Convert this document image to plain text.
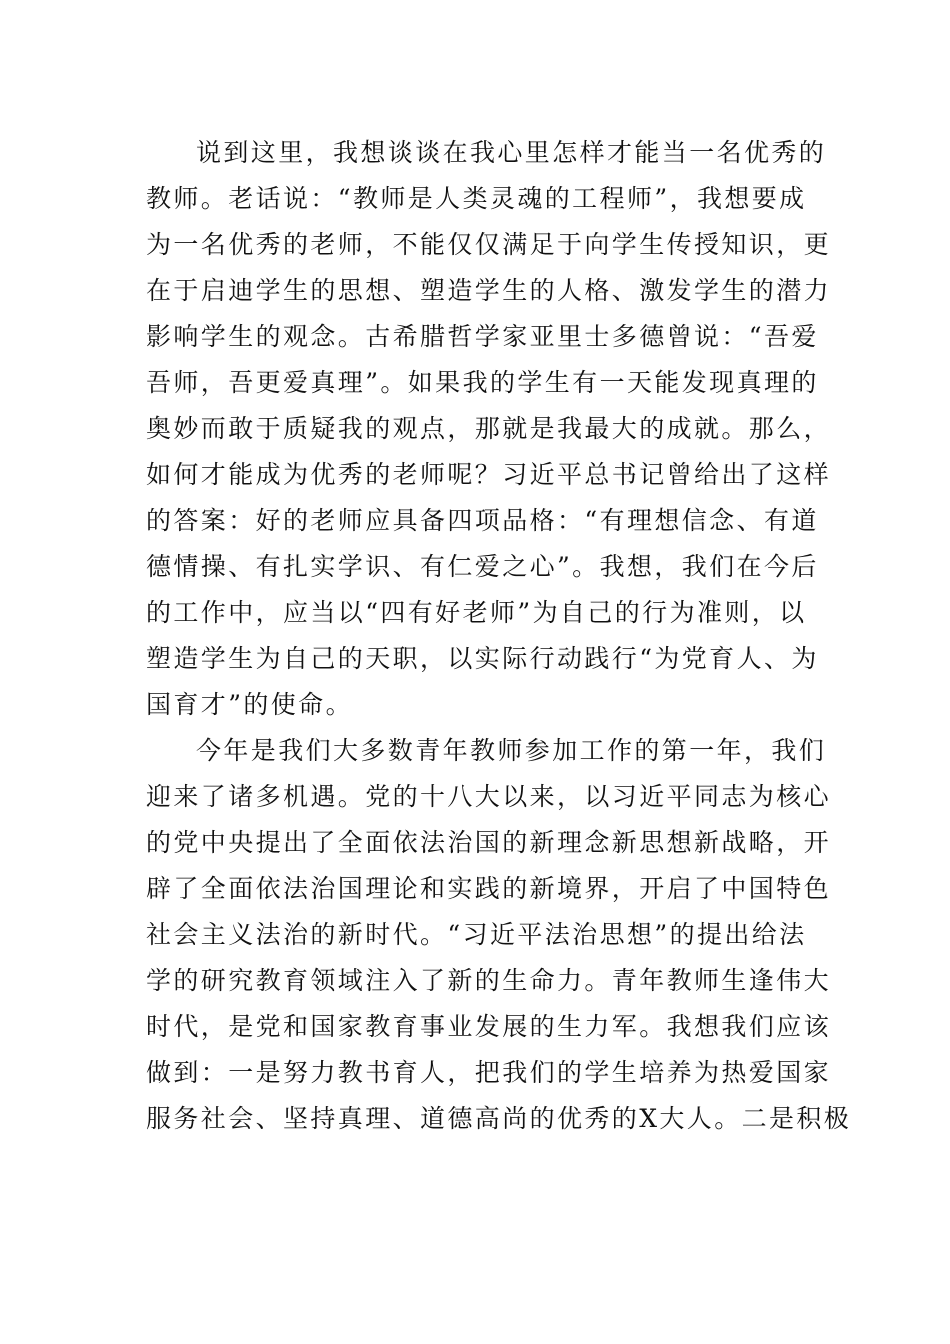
说到这里，我想谈谈在我心里怎样才能当一名优秀的
教师。老话说：“教师是人类灵魂的工程师”，我想要成
为一名优秀的老师，不能仅仅满足于向学生传授知识，更
在于启迪学生的思想、塑造学生的人格、激发学生的潜力
影响学生的观念。古希腊哲学家亚里士多德曾说：“吾爱
吾师，吾更爱真理”。如果我的学生有一天能发现真理的
奥妙而敢于质疑我的观点，那就是我最大的成就。那么，
如何才能成为优秀的老师呢？习近平总书记曾给出了这样
的答案：好的老师应具备四项品格：“有理想信念、有道
德情操、有扎实学识、有仁爱之心”。我想，我们在今后
的工作中，应当以“四有好老师”为自己的行为准则，以
塑造学生为自己的天职，以实际行动践行“为党育人、为
国育才”的使命。
今年是我们大多数青年教师参加工作的第一年，我们
迎来了诸多机遇。党的十八大以来，以习近平同志为核心
的党中央提出了全面依法治国的新理念新思想新战略，开
辟了全面依法治国理论和实践的新境界，开启了中国特色
社会主义法治的新时代。“习近平法治思想”的提出给法
学的研究教育领域注入了新的生命力。青年教师生逢伟大
时代，是党和国家教育事业发展的生力军。我想我们应该
做到：一是努力教书育人，把我们的学生培养为热爱国家
服务社会、坚持真理、道德高尚的优秀的X大人。二是积极
